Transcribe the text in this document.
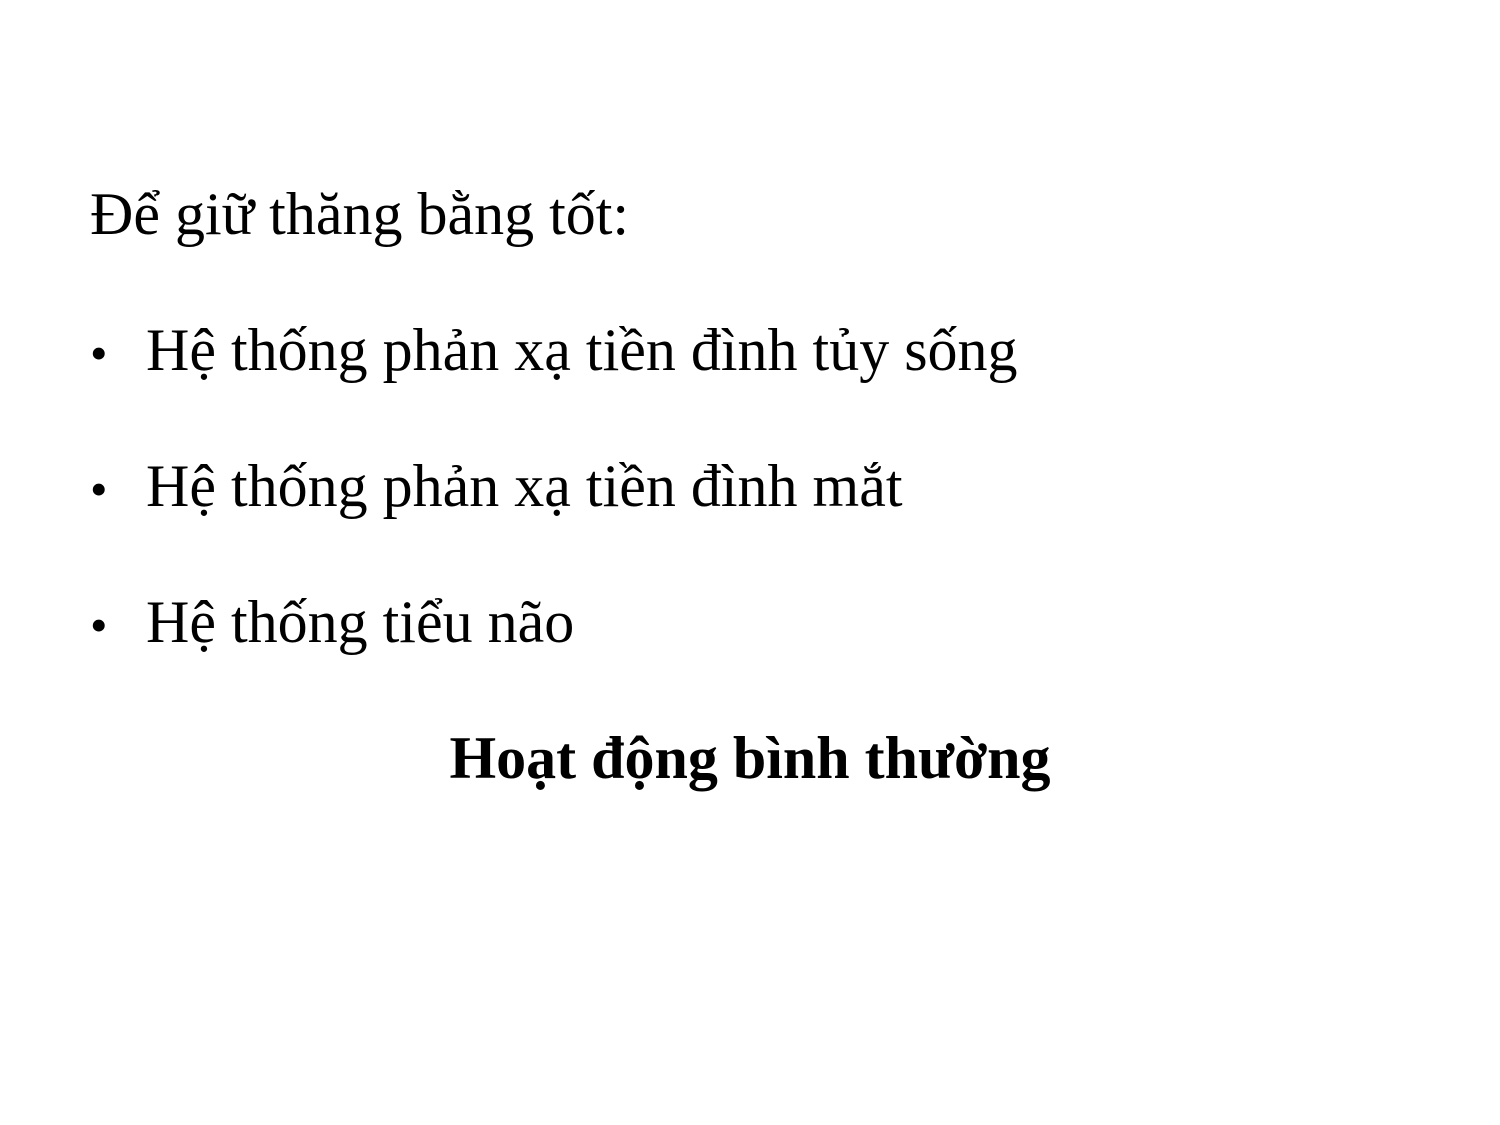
Để giữ thăng bằng tốt:
• Hệ thống phản xạ tiền đình tủy sống
• Hệ thống phản xạ tiền đình mắt
• Hệ thống tiểu não
Hoạt động bình thường
